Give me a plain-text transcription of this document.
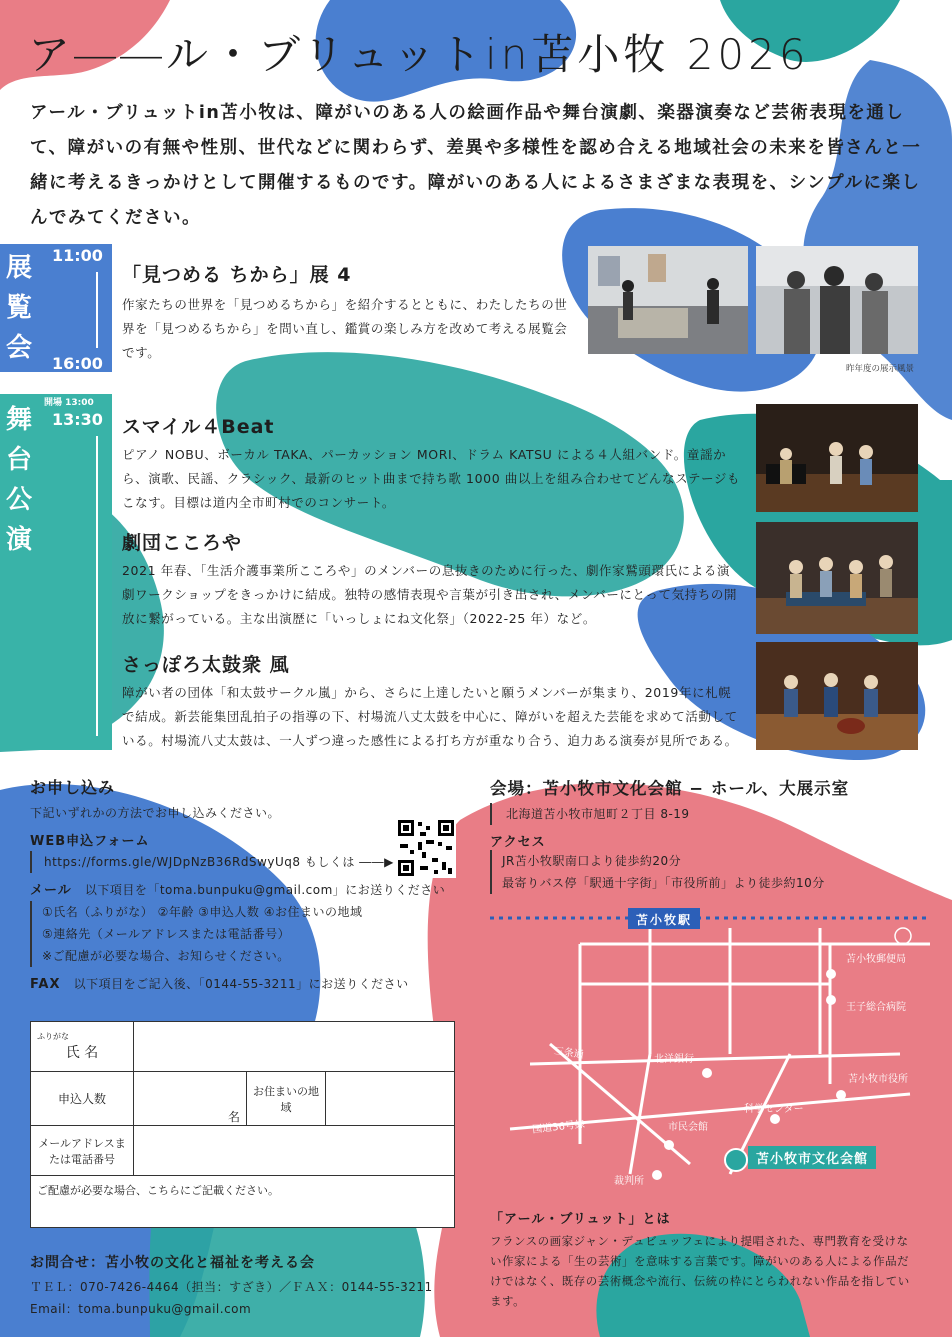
ア――ル・ブリュットin苫小牧 2026
アール・ブリュットin苫小牧は、障がいのある人の絵画作品や舞台演劇、楽器演奏など芸術表現を通して、障がいの有無や性別、世代などに関わらず、差異や多様性を認め合える地域社会の未来を皆さんと一緒に考えるきっかけとして開催するものです。障がいのある人によるさまざまな表現を、シンプルに楽しんでみてください。
展覧会
11:00
16:00
「見つめる ちから」展 4
作家たちの世界を「見つめるちから」を紹介するとともに、わたしたちの世界を「見つめるちから」を問い直し、鑑賞の楽しみ方を改めて考える展覧会です。
昨年度の展示風景
舞台公演
開場 13:00
13:30 スマイル４Beat
ピアノ NOBU、ボーカル TAKA、パーカッション MORI、ドラム KATSU による４人組バンド。童謡から、演歌、民謡、クラシック、最新のヒット曲まで持ち歌 1000 曲以上を組み合わせてどんなステージもこなす。目標は道内全市町村でのコンサート。
劇団こころや
2021 年春、「生活介護事業所こころや」のメンバーの息抜きのために行った、劇作家鷲頭環氏による演劇ワークショップをきっかけに結成。独特の感情表現や言葉が引き出され、メンバーにとって気持ちの開放に繋がっている。主な出演歴に「いっしょにね文化祭」（2022-25 年）など。
さっぽろ太鼓衆 風
障がい者の団体「和太鼓サークル嵐」から、さらに上達したいと願うメンバーが集まり、2019年に札幌で結成。新芸能集団乱拍子の指導の下、村場流八丈太鼓を中心に、障がいを超えた芸能を求めて活動している。村場流八丈太鼓は、一人ずつ違った感性による打ち方が重なり合う、迫力ある演奏が見所である。
お申し込み
下記いずれかの方法でお申し込みください。
WEB申込フォーム
https://forms.gle/WJDpNzB36RdSwyUq8 もしくは ――▶
メール 以下項目を「toma.bunpuku@gmail.com」にお送りください
①氏名（ふりがな） ②年齢 ③申込人数 ④お住まいの地域
⑤連絡先（メールアドレスまたは電話番号）
※ご配慮が必要な場合、お知らせください。
FAX 以下項目をご記入後、「0144-55-3211」にお送りください
ふりがな
氏 名			

申込人数	名	お住まいの地域	
メールアドレスまたは電話番号			
ご配慮が必要な場合、こちらにご記載ください。			
お問合せ：苫小牧の文化と福祉を考える会
ＴＥＬ：070-7426-4464（担当：すざき）／ＦＡＸ：0144-55-3211
Email：toma.bunpuku@gmail.com
会場：苫小牧市文化会館 − ホール、大展示室
北海道苫小牧市旭町２丁目 8-19
アクセス
JR苫小牧駅南口より徒歩約20分
最寄りバス停「駅通十字街」「市役所前」より徒歩約10分
苫小牧駅
苫小牧郵便局
王子総合病院
三条通	北洋銀行
苫小牧市役所
科学センター
国道36号線	市民会館
裁判所
苫小牧市文化会館
「アール・ブリュット」とは
フランスの画家ジャン・デュビュッフェにより提唱された、専門教育を受けない作家による「生の芸術」を意味する言葉です。障がいのある人による作品だけではなく、既存の芸術概念や流行、伝統の枠にとらわれない作品を指しています。
